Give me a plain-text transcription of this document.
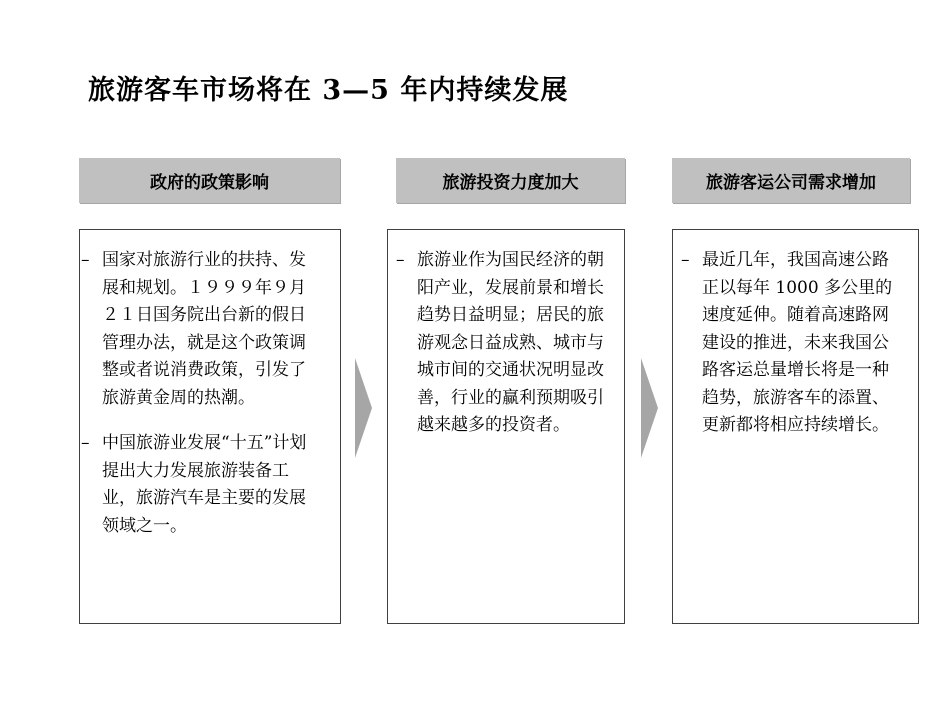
旅游客车市场将在 3—5 年内持续发展
政府的政策影响
– 国家对旅游行业的扶持、发展和规划。１９９９年９月２１日国务院出台新的假日管理办法，就是这个政策调整或者说消费政策，引发了旅游黄金周的热潮。
– 中国旅游业发展“十五”计划提出大力发展旅游装备工业，旅游汽车是主要的发展领域之一。
旅游投资力度加大
– 旅游业作为国民经济的朝阳产业，发展前景和增长趋势日益明显；居民的旅游观念日益成熟、城市与城市间的交通状况明显改善，行业的赢利预期吸引越来越多的投资者。
旅游客运公司需求增加
– 最近几年，我国高速公路正以每年 1000 多公里的速度延伸。随着高速路网建设的推进，未来我国公路客运总量增长将是一种趋势，旅游客车的添置、更新都将相应持续增长。
